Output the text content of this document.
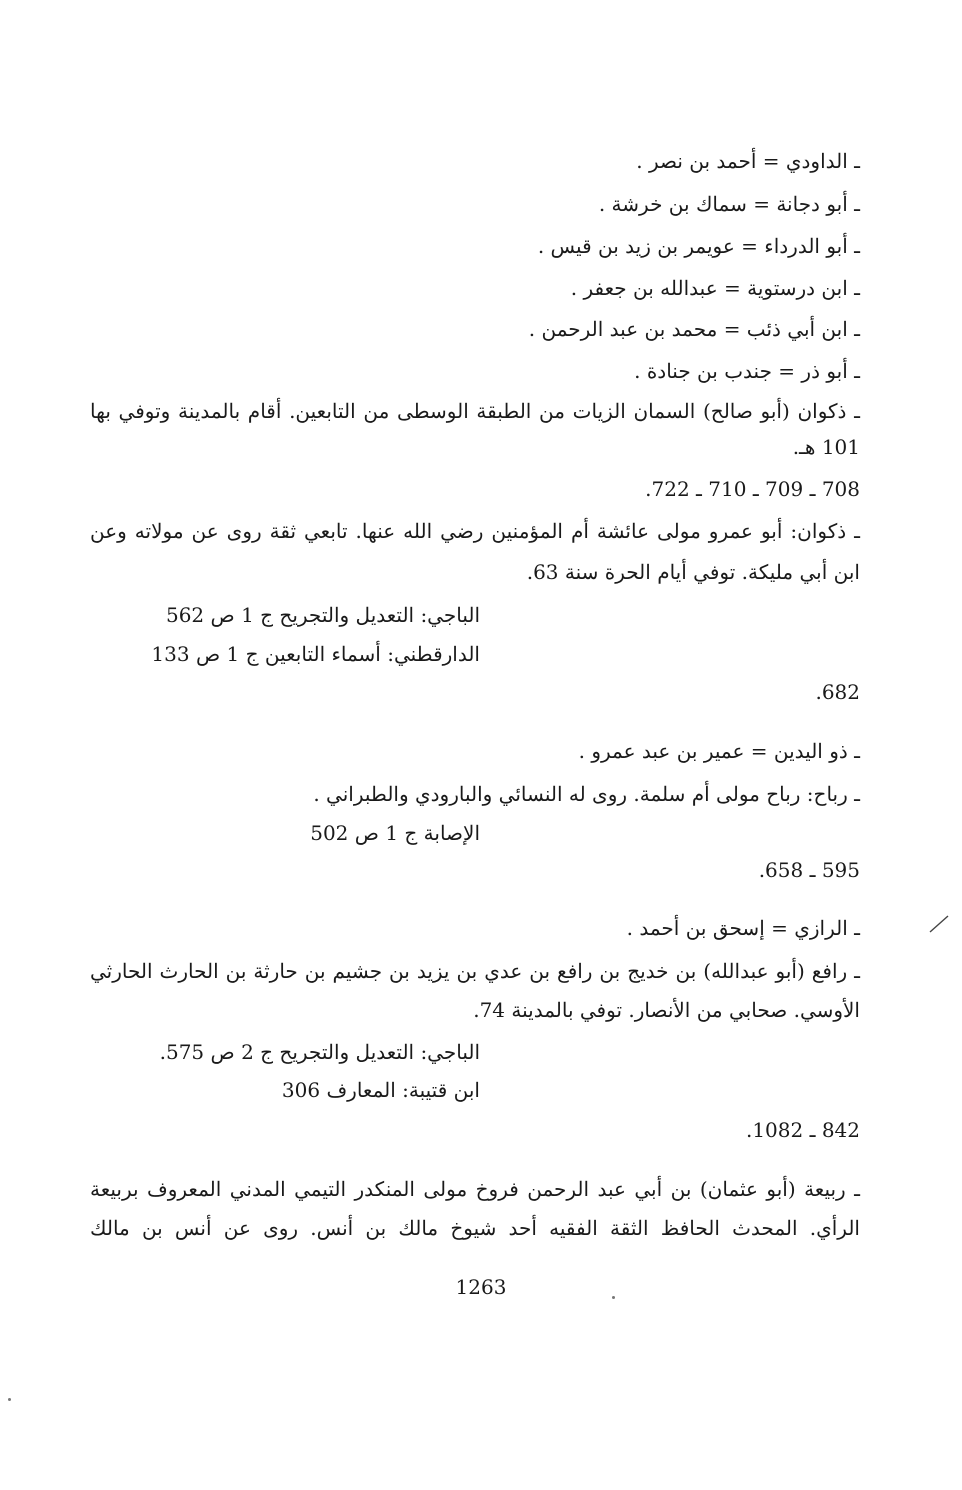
ـ الداودي = أحمد بن نصر .
ـ أبو دجانة = سماك بن خرشة .
ـ أبو الدرداء = عويمر بن زيد بن قيس .
ـ ابن درستوية = عبدالله بن جعفر .
ـ ابن أبي ذئب = محمد بن عبد الرحمن .
ـ أبو ذر = جندب بن جنادة .
ـ ذكوان (أبو صالح) السمان الزيات من الطبقة الوسطى من التابعين. أقام بالمدينة وتوفي بها
101 هـ.
708 ـ 709 ـ 710 ـ 722.
ـ ذكوان: أبو عمرو مولى عائشة أم المؤمنين رضي الله عنها. تابعي ثقة روى عن مولاته وعن
ابن أبي مليكة. توفي أيام الحرة سنة 63.
الباجي: التعديل والتجريح ج 1 ص 562
الدارقطني: أسماء التابعين ج 1 ص 133
682.
ـ ذو اليدين = عمير بن عبد عمرو .
ـ رباح: رباح مولى أم سلمة. روى له النسائي والبارودي والطبراني .
الإصابة ج 1 ص 502
595 ـ 658.
ـ الرازي = إسحق بن أحمد .
ـ رافع (أبو عبدالله) بن خديج بن رافع بن عدي بن يزيد بن جشيم بن حارثة بن الحارث الحارثي
الأوسي. صحابي من الأنصار. توفي بالمدينة 74.
الباجي: التعديل والتجريح ج 2 ص 575.
ابن قتيبة: المعارف 306
842 ـ 1082.
ـ ربيعة (أبو عثمان) بن أبي عبد الرحمن فروخ مولى المنكدر التيمي المدني المعروف بربيعة
الرأي. المحدث الحافظ الثقة الفقيه أحد شيوخ مالك بن أنس. روى عن أنس بن مالك
1263
